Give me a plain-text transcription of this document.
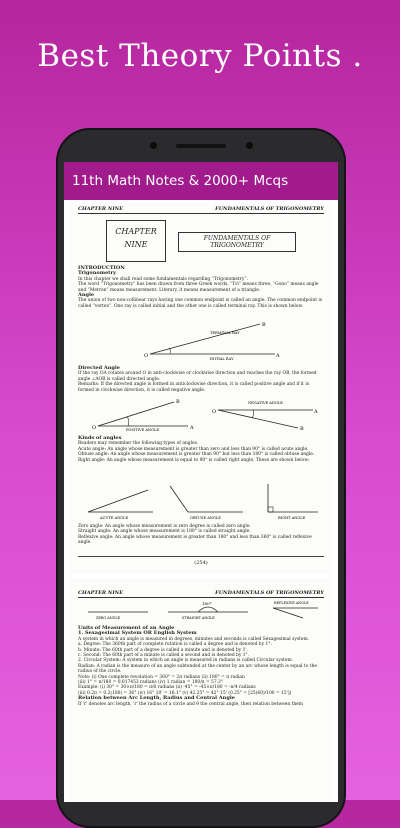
Best Theory Points .
11th Math Notes & 2000+ Mcqs
CHAPTER NINE	FUNDAMENTALS OF TRIGONOMETRY
CHAPTER
NINE
FUNDAMENTALS OF TRIGONOMETRY
INTRODUCTION
Trigonometry
In this chapter we shall read some fundamentals regarding “Trigonometry”.
The word “Trigonometry” has been drawn from three Greek words, “Tri” means three, “Gono” means angle and “Metron” means measurement. Literary, it means measurement of a triangle.
Angle
The union of two non-collinear rays having one common endpoint is called an angle. The common endpoint is called “vertex”. One ray is called initial and the other one is called terminal ray. This is shown below.
O
B
A
TERMINAL RAY
INITIAL RAY
Directed Angle
If the ray OA rotates around O in anti-clockwise or clockwise direction and reaches the ray OB, the formed angle ∠AOB is called directed angle.
Remarks: If the directed angle is formed in anticlockwise direction, it is called positive angle and if it is formed in clockwise direction, it is called negative angle.
O	A
B
POSITIVE ANGLE
O	A
B
NEGATIVE ANGLE
Kinds of angles
Readers may remember the following types of angles.
Acute angle: An angle whose measurement is greater than zero and less than 90° is called acute angle.
Obtuse angle: An angle whose measurement is greater than 90° but less than 180° is called obtuse angle.
Right angle: An angle whose measurement is equal to 90° is called right angle. These are shown below:
ACUTE ANGLE	OBTUSE ANGLE	RIGHT ANGLE
Zero angle: An angle whose measurement is zero degree is called zero angle.
Straight angle: An angle whose measurement is 180° is called straight angle.
Reflexive angle: An angle whose measurement is greater than 180° and less than 360° is called reflexive angle.
(254)
CHAPTER NINE	FUNDAMENTALS OF TRIGONOMETRY
ZERO ANGLE
180°
STRAIGHT ANGLE
REFLEXIVE ANGLE
Units of Measurement of an Angle
1. Sexagesimal System OR English System
A system in which an angle is measured in degrees, minutes and seconds is called Sexagesimal system.
a. Degree: The 360th part of complete rotation is called a degree and is denoted by 1°.
b. Minute: The 60th part of a degree is called a minute and is denoted by 1'.
c. Second: The 60th part of a minute is called a second and is denoted by 1".
2. Circular System: A system in which an angle is measured in radians is called Circular system.
Radian: A radian is the measure of an angle subtended at the center by an arc whose length is equal to the radius of the circle.
Note: (i) One complete revolution = 360° = 2π radians (ii) 180° = π radian
(iii) 1° = π/180 = 0.017453 radians (iv) 1 radian = 180/π = 57.3°
Example: (i) 30° = 30×π/180 = π/6 radians (ii) -45° = -45×π/180 = -π/4 radians
(iii) 0.2π = 0.2(180) = 36° (iv) 16° 10' = 16.1° (v) 42.25° = 42° 15' (0.25° = [25(60)/100 = 15'])
Relation between Arc Length, Radius and Central Angle
If 'r' denotes arc length, 'r' the radius of a circle and θ the central angle, then relation between them
